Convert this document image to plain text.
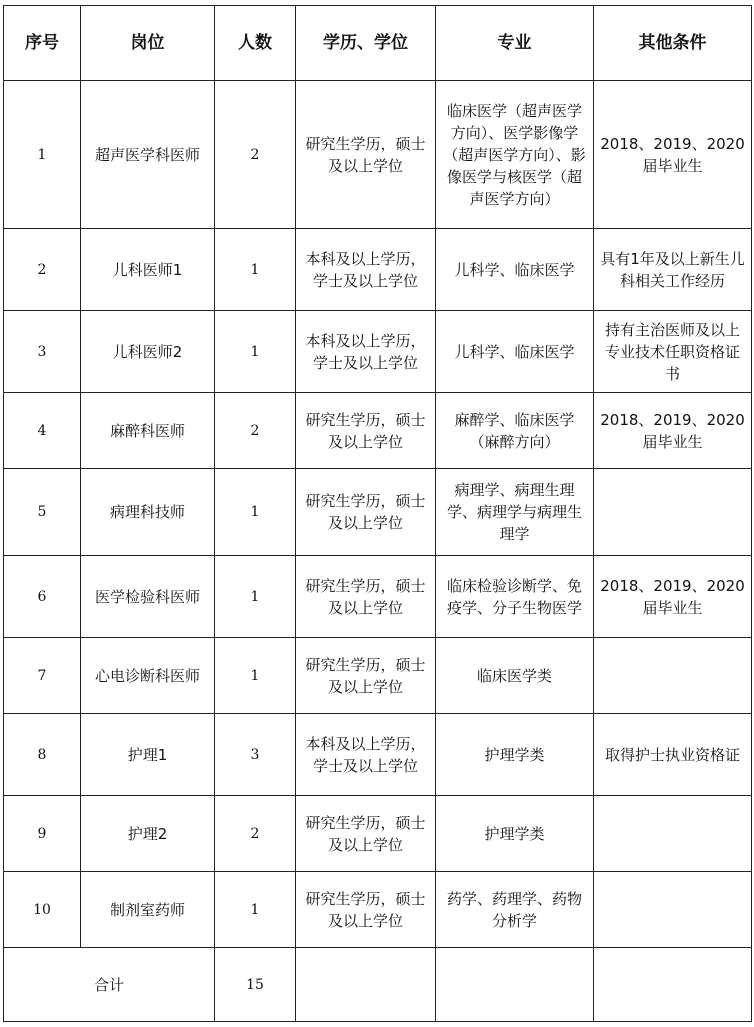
序号	岗位	人数	学历、学位	专业	其他条件
1	超声医学科医师	2	研究生学历，硕士及以上学位	临床医学（超声医学方向）、医学影像学（超声医学方向）、影像医学与核医学（超声医学方向）	2018、2019、2020届毕业生
2	儿科医师1	1	本科及以上学历，学士及以上学位	儿科学、临床医学	具有1年及以上新生儿科相关工作经历
3	儿科医师2	1	本科及以上学历，学士及以上学位	儿科学、临床医学	持有主治医师及以上专业技术任职资格证书
4	麻醉科医师	2	研究生学历，硕士及以上学位	麻醉学、临床医学（麻醉方向）	2018、2019、2020届毕业生
5	病理科技师	1	研究生学历，硕士及以上学位	病理学、病理生理学、病理学与病理生理学	
6	医学检验科医师	1	研究生学历，硕士及以上学位	临床检验诊断学、免疫学、分子生物医学	2018、2019、2020届毕业生
7	心电诊断科医师	1	研究生学历，硕士及以上学位	临床医学类	
8	护理1	3	本科及以上学历，学士及以上学位	护理学类	取得护士执业资格证
9	护理2	2	研究生学历，硕士及以上学位	护理学类	
10	制剂室药师	1	研究生学历，硕士及以上学位	药学、药理学、药物分析学	
合计		15			
